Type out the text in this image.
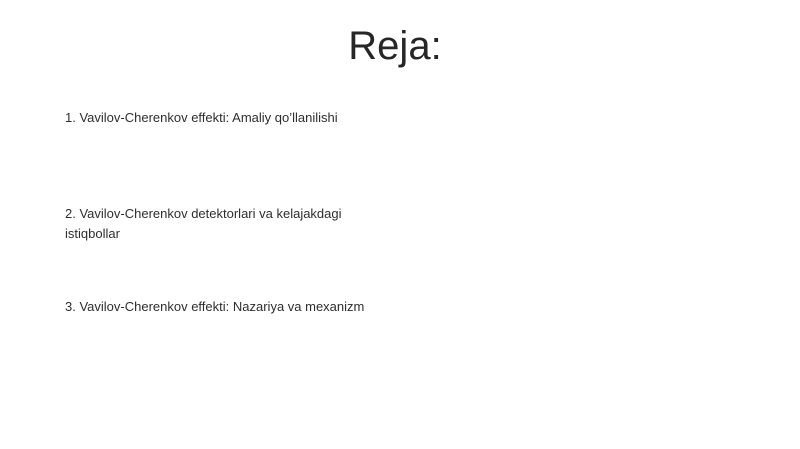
Reja:
1. Vavilov-Cherenkov effekti: Amaliy qo’llanilishi
2. Vavilov-Cherenkov detektorlari va kelajakdagi istiqbollar
3. Vavilov-Cherenkov effekti: Nazariya va mexanizm
